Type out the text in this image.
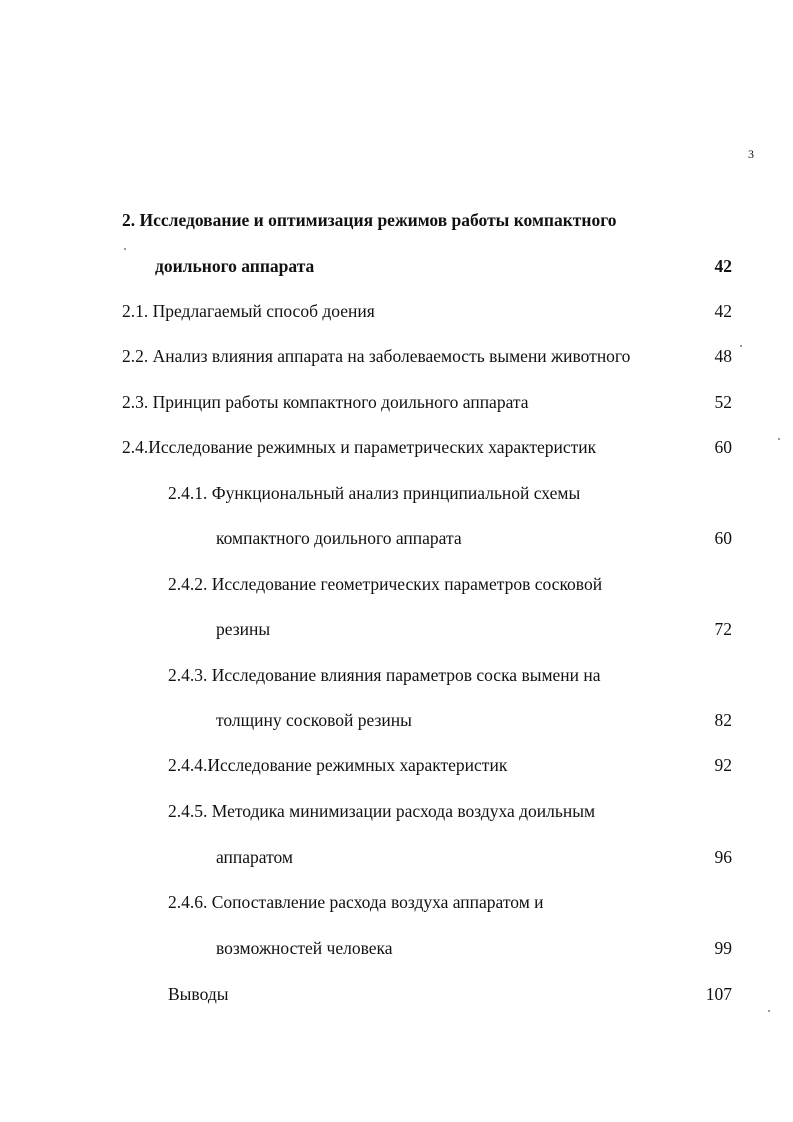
3
2. Исследование и оптимизация режимов работы компактного
доильного аппарата	42
2.1. Предлагаемый способ доения	42
2.2. Анализ влияния аппарата на заболеваемость вымени животного	48
2.3. Принцип работы компактного доильного аппарата	52
2.4.Исследование режимных и параметрических характеристик	60
2.4.1. Функциональный анализ принципиальной схемы
компактного доильного аппарата	60
2.4.2. Исследование геометрических параметров сосковой
резины	72
2.4.3. Исследование влияния параметров соска вымени на
толщину сосковой резины	82
2.4.4.Исследование режимных характеристик	92
2.4.5. Методика минимизации расхода воздуха доильным
аппаратом	96
2.4.6. Сопоставление расхода воздуха аппаратом и
возможностей человека	99
Выводы	107
